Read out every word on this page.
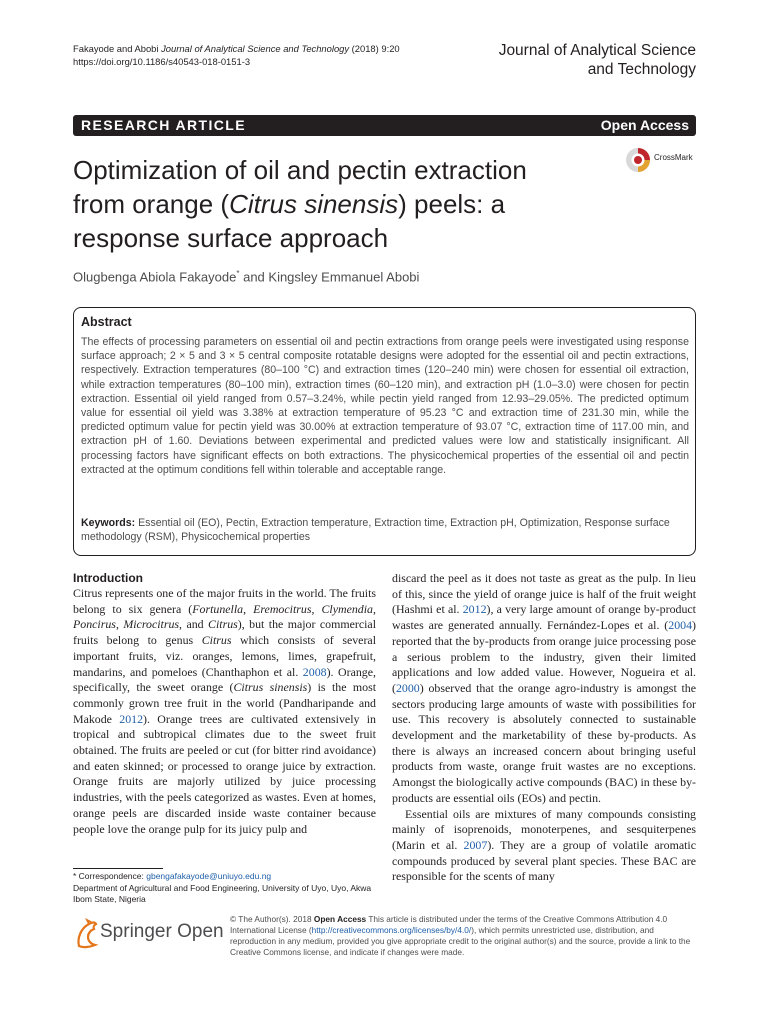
Fakayode and Abobi Journal of Analytical Science and Technology (2018) 9:20
https://doi.org/10.1186/s40543-018-0151-3
Journal of Analytical Science
and Technology
RESEARCH ARTICLE	Open Access
Optimization of oil and pectin extraction
from orange (Citrus sinensis) peels: a
response surface approach
CrossMark
Olugbenga Abiola Fakayode* and Kingsley Emmanuel Abobi
Abstract
The effects of processing parameters on essential oil and pectin extractions from orange peels were investigated using response surface approach; 2 × 5 and 3 × 5 central composite rotatable designs were adopted for the essential oil and pectin extractions, respectively. Extraction temperatures (80–100 °C) and extraction times (120–240 min) were chosen for essential oil extraction, while extraction temperatures (80–100 min), extraction times (60–120 min), and extraction pH (1.0–3.0) were chosen for pectin extraction. Essential oil yield ranged from 0.57–3.24%, while pectin yield ranged from 12.93–29.05%. The predicted optimum value for essential oil yield was 3.38% at extraction temperature of 95.23 °C and extraction time of 231.30 min, while the predicted optimum value for pectin yield was 30.00% at extraction temperature of 93.07 °C, extraction time of 117.00 min, and extraction pH of 1.60. Deviations between experimental and predicted values were low and statistically insignificant. All processing factors have significant effects on both extractions. The physicochemical properties of the essential oil and pectin extracted at the optimum conditions fell within tolerable and acceptable range.
Keywords: Essential oil (EO), Pectin, Extraction temperature, Extraction time, Extraction pH, Optimization, Response surface methodology (RSM), Physicochemical properties
Introduction

Citrus represents one of the major fruits in the world. The fruits belong to six genera (Fortunella, Eremocitrus, Clymendia, Poncirus, Microcitrus, and Citrus), but the major commercial fruits belong to genus Citrus which consists of several important fruits, viz. oranges, lemons, limes, grapefruit, mandarins, and pomeloes (Chanthaphon et al. 2008). Orange, specifically, the sweet orange (Citrus sinensis) is the most commonly grown tree fruit in the world (Pandharipande and Makode 2012). Orange trees are cultivated extensively in tropical and subtropical climates due to the sweet fruit obtained. The fruits are peeled or cut (for bitter rind avoidance) and eaten skinned; or processed to orange juice by extraction. Orange fruits are majorly utilized by juice processing industries, with the peels categorized as wastes. Even at homes, orange peels are discarded inside waste container because people love the orange pulp for its juicy pulp and

discard the peel as it does not taste as great as the pulp. In lieu of this, since the yield of orange juice is half of the fruit weight (Hashmi et al. 2012), a very large amount of orange by-product wastes are generated annually. Fernández-Lopes et al. (2004) reported that the by-products from orange juice processing pose a serious problem to the industry, given their limited applications and low added value. However, Nogueira et al. (2000) observed that the orange agro-industry is amongst the sectors producing large amounts of waste with possibilities for use. This recovery is absolutely connected to sustainable development and the marketability of these by-products. As there is always an increased concern about bringing useful products from waste, orange fruit wastes are no exceptions. Amongst the biologically active compounds (BAC) in these by-products are essential oils (EOs) and pectin.

Essential oils are mixtures of many compounds consisting mainly of isoprenoids, monoterpenes, and sesquiterpenes (Marin et al. 2007). They are a group of volatile aromatic compounds produced by several plant species. These BAC are responsible for the scents of many

* Correspondence: gbengafakayode@uniuyo.edu.ng
Department of Agricultural and Food Engineering, University of Uyo, Uyo, Akwa Ibom State, Nigeria
Springer Open
© The Author(s). 2018 Open Access This article is distributed under the terms of the Creative Commons Attribution 4.0 International License (http://creativecommons.org/licenses/by/4.0/), which permits unrestricted use, distribution, and reproduction in any medium, provided you give appropriate credit to the original author(s) and the source, provide a link to the Creative Commons license, and indicate if changes were made.
